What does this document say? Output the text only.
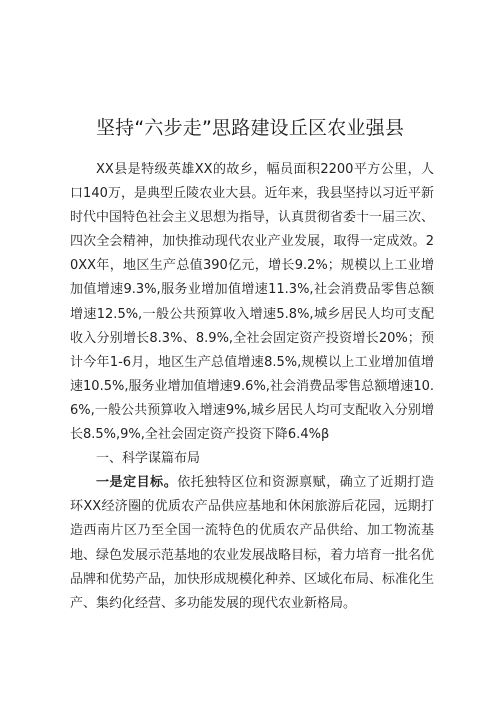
坚持“六步走”思路建设丘区农业强县

XX县是特级英雄XX的故乡，幅员面积2200平方公里，人口140万，是典型丘陵农业大县。近年来，我县坚持以习近平新时代中国特色社会主义思想为指导，认真贯彻省委十一届三次、四次全会精神，加快推动现代农业产业发展，取得一定成效。20XX年，地区生产总值390亿元，增长9.2%；规模以上工业增加值增速9.3%,服务业增加值增速11.3%,社会消费品零售总额增速12.5%,一般公共预算收入增速5.8%,城乡居民人均可支配收入分别增长8.3%、8.9%,全社会固定资产投资增长20%；预计今年1-6月，地区生产总值增速8.5%,规模以上工业增加值增速10.5%,服务业增加值增速9.6%,社会消费品零售总额增速10.6%,一般公共预算收入增速9%,城乡居民人均可支配收入分别增长8.5%,9%,全社会固定资产投资下降6.4%β

一、科学谋篇布局

一是定目标。依托独特区位和资源禀赋，确立了近期打造环XX经济圈的优质农产品供应基地和休闲旅游后花园，远期打造西南片区乃至全国一流特色的优质农产品供给、加工物流基地、绿色发展示范基地的农业发展战略目标，着力培育一批名优品牌和优势产品，加快形成规模化种养、区域化布局、标准化生产、集约化经营、多功能发展的现代农业新格局。
